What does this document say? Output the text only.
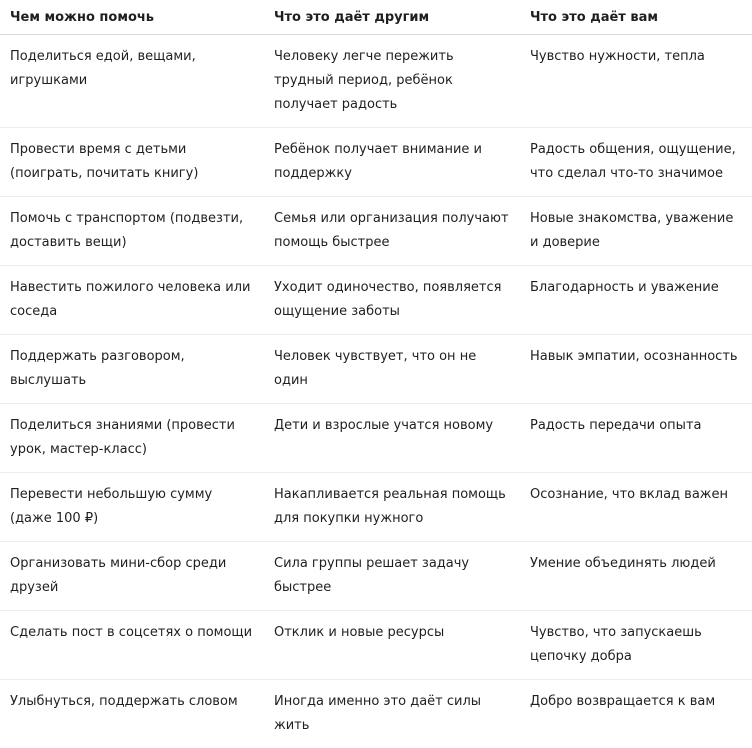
Чем можно помочь	Что это даёт другим	Что это даёт вам

Поделиться едой, вещами, игрушками	Человеку легче пережить трудный период, ребёнок получает радость	Чувство нужности, тепла

Провести время с детьми (поиграть, почитать книгу)	Ребёнок получает внимание и поддержку	Радость общения, ощущение, что сделал что-то значимое

Помочь с транспортом (подвезти, доставить вещи)	Семья или организация получают помощь быстрее	Новые знакомства, уважение и доверие

Навестить пожилого человека или соседа	Уходит одиночество, появляется ощущение заботы	Благодарность и уважение

Поддержать разговором, выслушать	Человек чувствует, что он не один	Навык эмпатии, осознанность

Поделиться знаниями (провести урок, мастер-класс)	Дети и взрослые учатся новому	Радость передачи опыта

Перевести небольшую сумму (даже 100 ₽)	Накапливается реальная помощь для покупки нужного	Осознание, что вклад важен

Организовать мини-сбор среди друзей	Сила группы решает задачу быстрее	Умение объединять людей

Сделать пост в соцсетях о помощи	Отклик и новые ресурсы	Чувство, что запускаешь цепочку добра

Улыбнуться, поддержать словом	Иногда именно это даёт силы жить	Добро возвращается к вам
